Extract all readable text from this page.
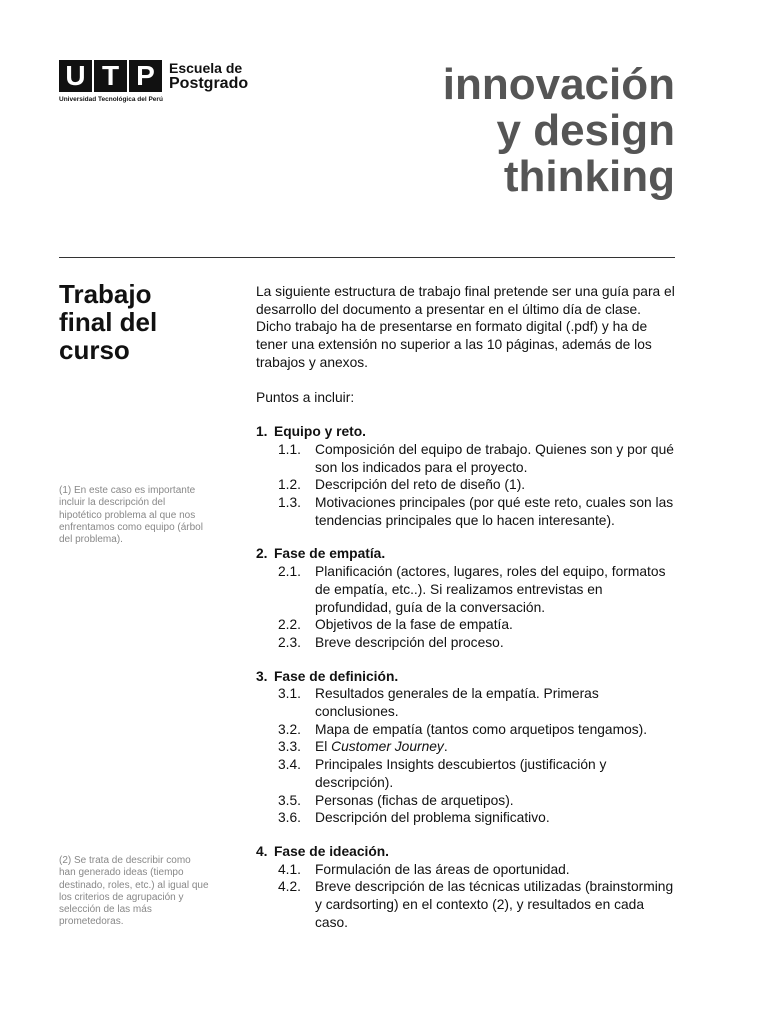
U T P	Escuela de
Postgrado
Universidad Tecnológica del Perú	innovación
y design
thinking
Trabajo
final del
curso
(1) En este caso es importante incluir la descripción del hipotético problema al que nos enfrentamos como equipo (árbol del problema).
(2) Se trata de describir como han generado ideas (tiempo destinado, roles, etc.) al igual que los criterios de agrupación y selección de las más prometedoras.

La siguiente estructura de trabajo final pretende ser una guía para el desarrollo del documento a presentar en el último día de clase. Dicho trabajo ha de presentarse en formato digital (.pdf) y ha de tener una extensión no superior a las 10 páginas, además de los trabajos y anexos.

Puntos a incluir:

1. Equipo y reto.
1.1.	Composición del equipo de trabajo. Quienes son y por qué son los indicados para el proyecto.
1.2.	Descripción del reto de diseño (1).
1.3.	Motivaciones principales (por qué este reto, cuales son las tendencias principales que lo hacen interesante).
2. Fase de empatía.
2.1.	Planificación (actores, lugares, roles del equipo, formatos de empatía, etc..). Si realizamos entrevistas en profundidad, guía de la conversación.
2.2.	Objetivos de la fase de empatía.
2.3.	Breve descripción del proceso.
3. Fase de definición.
3.1.	Resultados generales de la empatía. Primeras conclusiones.
3.2.	Mapa de empatía (tantos como arquetipos tengamos).
3.3.	El Customer Journey.
3.4.	Principales Insights descubiertos (justificación y descripción).
3.5.	Personas (fichas de arquetipos).
3.6.	Descripción del problema significativo.
4. Fase de ideación.
4.1.	Formulación de las áreas de oportunidad.
4.2.	Breve descripción de las técnicas utilizadas (brainstorming y cardsorting) en el contexto (2), y resultados en cada caso.
